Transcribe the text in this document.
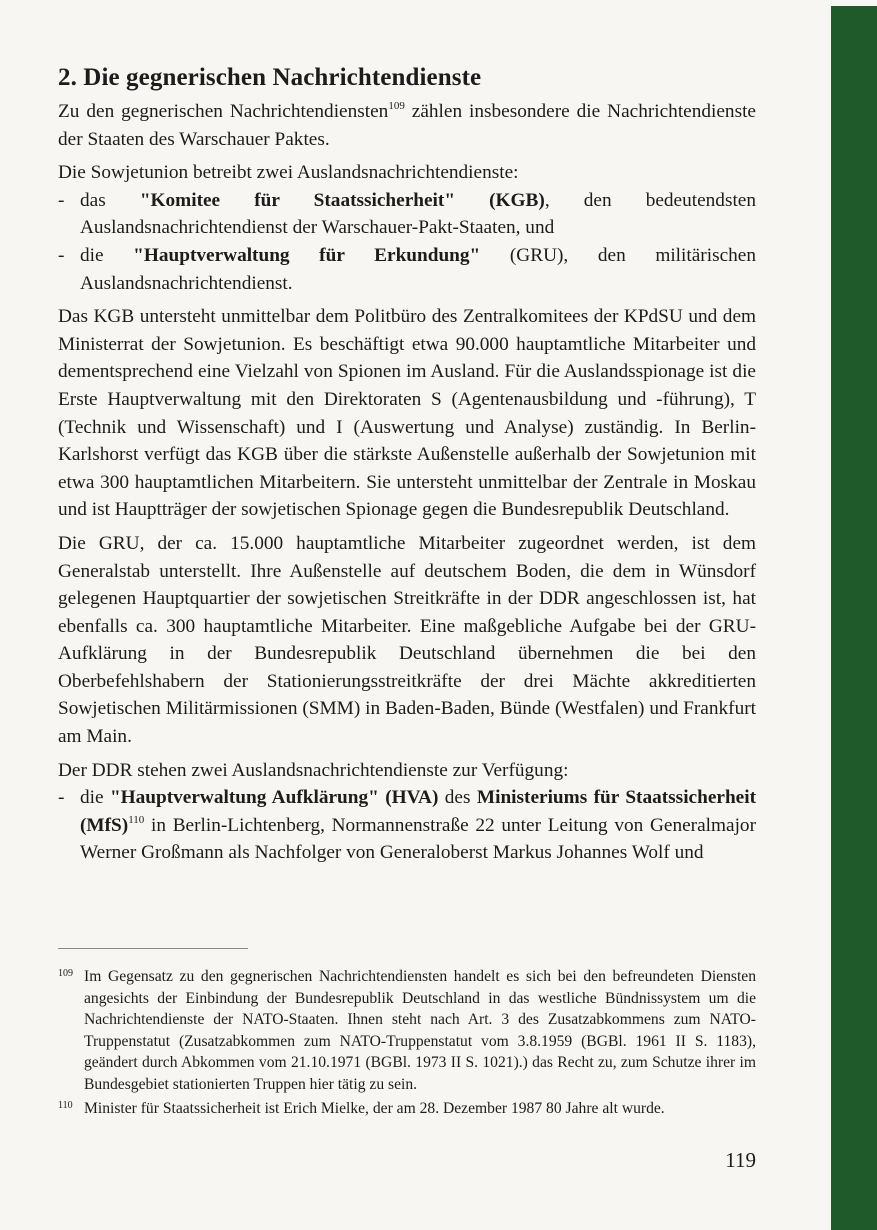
2. Die gegnerischen Nachrichtendienste

Zu den gegnerischen Nachrichtendiensten$^{109}$ zählen insbesondere die Nachrichtendienste der Staaten des Warschauer Paktes.

Die Sowjetunion betreibt zwei Auslandsnachrichtendienste:

- das "Komitee für Staatssicherheit" (KGB), den bedeutendsten Auslandsnachrichtendienst der Warschauer-Pakt-Staaten, und
- die "Hauptverwaltung für Erkundung" (GRU), den militärischen Auslandsnachrichtendienst.

Das KGB untersteht unmittelbar dem Politbüro des Zentralkomitees der KPdSU und dem Ministerrat der Sowjetunion. Es beschäftigt etwa 90.000 hauptamtliche Mitarbeiter und dementsprechend eine Vielzahl von Spionen im Ausland. Für die Auslandsspionage ist die Erste Hauptverwaltung mit den Direktoraten S (Agentenausbildung und -führung), T (Technik und Wissenschaft) und I (Auswertung und Analyse) zuständig. In Berlin-Karlshorst verfügt das KGB über die stärkste Außenstelle außerhalb der Sowjetunion mit etwa 300 hauptamtlichen Mitarbeitern. Sie untersteht unmittelbar der Zentrale in Moskau und ist Hauptträger der sowjetischen Spionage gegen die Bundesrepublik Deutschland.

Die GRU, der ca. 15.000 hauptamtliche Mitarbeiter zugeordnet werden, ist dem Generalstab unterstellt. Ihre Außenstelle auf deutschem Boden, die dem in Wünsdorf gelegenen Hauptquartier der sowjetischen Streitkräfte in der DDR angeschlossen ist, hat ebenfalls ca. 300 hauptamtliche Mitarbeiter. Eine maßgebliche Aufgabe bei der GRU-Aufklärung in der Bundesrepublik Deutschland übernehmen die bei den Oberbefehlshabern der Stationierungsstreitkräfte der drei Mächte akkreditierten Sowjetischen Militärmissionen (SMM) in Baden-Baden, Bünde (Westfalen) und Frankfurt am Main.

Der DDR stehen zwei Auslandsnachrichtendienste zur Verfügung:

- die "Hauptverwaltung Aufklärung" (HVA) des Ministeriums für Staatssicherheit (MfS)$^{110}$ in Berlin-Lichtenberg, Normannenstraße 22 unter Leitung von Generalmajor Werner Großmann als Nachfolger von Generaloberst Markus Johannes Wolf und

109 Im Gegensatz zu den gegnerischen Nachrichtendiensten handelt es sich bei den befreundeten Diensten angesichts der Einbindung der Bundesrepublik Deutschland in das westliche Bündnissystem um die Nachrichtendienste der NATO-Staaten. Ihnen steht nach Art. 3 des Zusatzabkommens zum NATO-Truppenstatut (Zusatzabkommen zum NATO-Truppenstatut vom 3.8.1959 (BGBl. 1961 II S. 1183), geändert durch Abkommen vom 21.10.1971 (BGBl. 1973 II S. 1021).) das Recht zu, zum Schutze ihrer im Bundesgebiet stationierten Truppen hier tätig zu sein.

110 Minister für Staatssicherheit ist Erich Mielke, der am 28. Dezember 1987 80 Jahre alt wurde.

119
